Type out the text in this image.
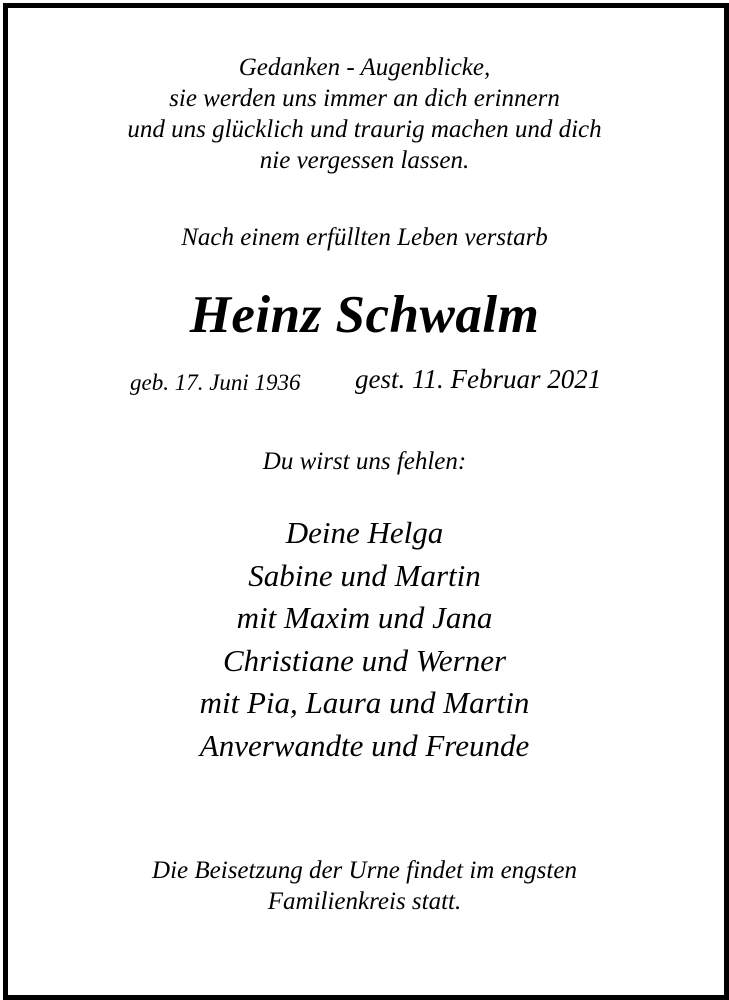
Gedanken - Augenblicke,
sie werden uns immer an dich erinnern
und uns glücklich und traurig machen und dich
nie vergessen lassen.
Nach einem erfüllten Leben verstarb
Heinz Schwalm
geb. 17. Juni 1936 gest. 11. Februar 2021
Du wirst uns fehlen:
Deine Helga
Sabine und Martin
mit Maxim und Jana
Christiane und Werner
mit Pia, Laura und Martin
Anverwandte und Freunde
Die Beisetzung der Urne findet im engsten
Familienkreis statt.
